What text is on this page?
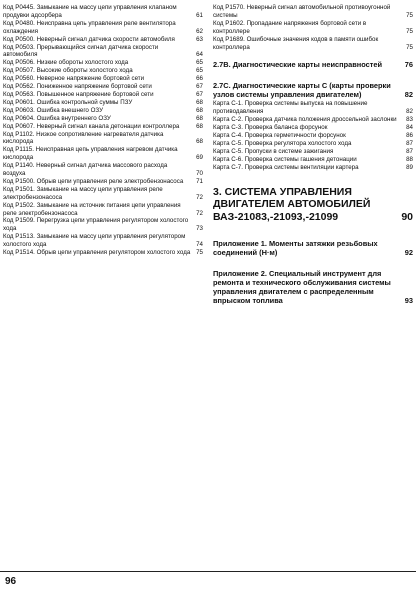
Код P0445. Замыкание на массу цепи управления клапаном продувки адсорбера	61
Код P0480. Неисправна цепь управления реле вентилятора охлаждения	62
Код P0500. Неверный сигнал датчика скорости автомобиля	63
Код P0503. Прерывающийся сигнал датчика скорости автомобиля	64
Код P0506. Низкие обороты холостого хода	65
Код P0507. Высокие обороты холостого хода	65
Код P0560. Неверное напряжение бортовой сети	66
Код P0562. Пониженное напряжение бортовой сети	67
Код P0563. Повышенное напряжение бортовой сети	67
Код P0601. Ошибка контрольной суммы ПЗУ	68
Код P0603. Ошибка внешнего ОЗУ	68
Код P0604. Ошибка внутреннего ОЗУ	68
Код P0607. Неверный сигнал канала детонации контроллера	68
Код P1102. Низкое сопротивление нагревателя датчика кислорода	68
Код P1115. Неисправная цепь управления нагревом датчика кислорода	69
Код P1140. Неверный сигнал датчика массового расхода воздуха	70
Код P1500. Обрыв цепи управления реле электробензонасоса	71
Код P1501. Замыкание на массу цепи управления реле электробензонасоса	72
Код P1502. Замыкание на источник питания цепи управления реле электробензонасоса	72
Код P1509. Перегрузка цепи управления регулятором холостого хода	73
Код P1513. Замыкание на массу цепи управления регулятором холостого хода	74
Код P1514. Обрыв цепи управления регулятором холостого хода 75
Код P1570. Неверный сигнал автомобильной противоугонной системы	75
Код P1602. Пропадание напряжения бортовой сети в контроллере	75
Код P1689. Ошибочные значения кодов в памяти ошибок контроллера	75
2.7В. Диагностические карты неисправностей	76
2.7С. Диагностические карты С (карты проверки узлов системы управления двигателем)	82
Карта С-1. Проверка системы выпуска на повышение противодавления	82
Карта С-2. Проверка датчика положения дроссельной заслонки	83
Карта С-3. Проверка баланса форсунок	84
Карта С-4. Проверка герметичности форсунок	86
Карта С-5. Проверка регулятора холостого хода	87
Карта С-5. Пропуски в системе зажигания	87
Карта С-6. Проверка системы гашения детонации	88
Карта С-7. Проверка системы вентиляции картера	89
3. СИСТЕМА УПРАВЛЕНИЯ ДВИГАТЕЛЕМ АВТОМОБИЛЕЙ ВАЗ-21083,-21093,-21099	90
Приложение 1. Моменты затяжки резьбовых соединений (Н·м)	92
Приложение 2. Специальный инструмент для ремонта и технического обслуживания системы управления двигателем с распределенным впрыском топлива	93
96
